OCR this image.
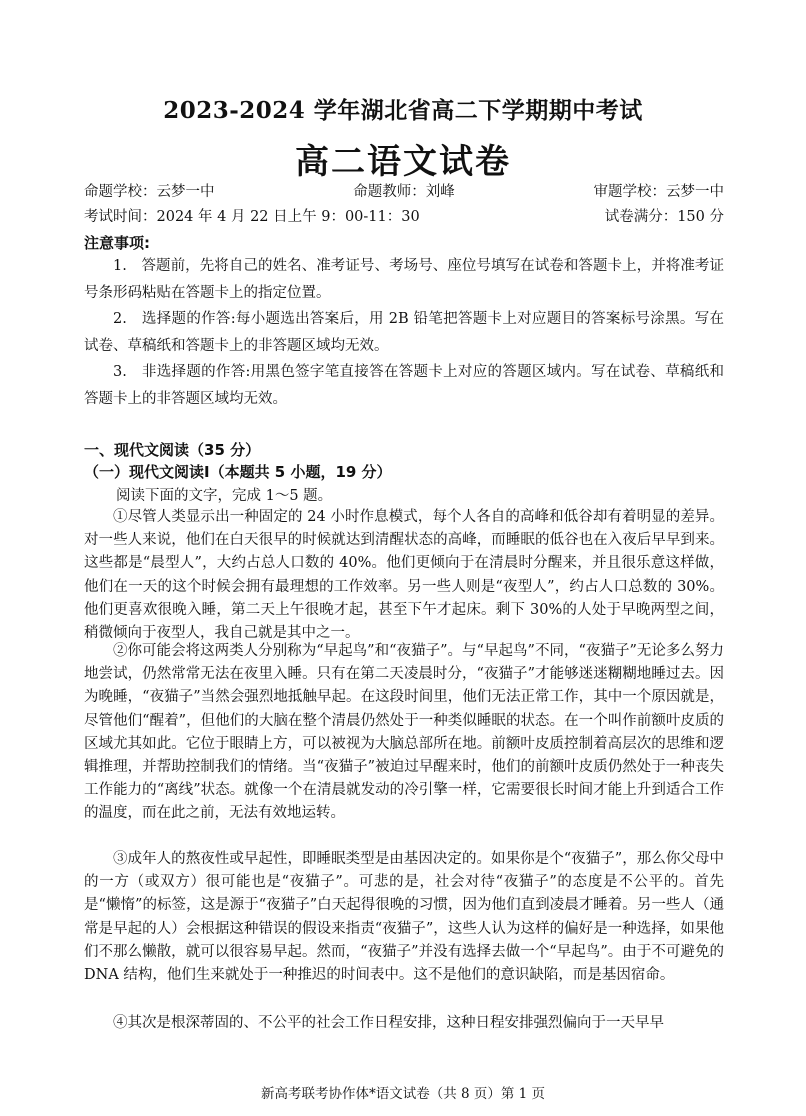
2023-2024 学年湖北省高二下学期期中考试
高二语文试卷
命题学校：云梦一中	命题教师：刘峰	审题学校：云梦一中
考试时间：2024 年 4 月 22 日上午 9：00-11：30	试卷满分：150 分
注意事项:

1.　答题前，先将自己的姓名、准考证号、考场号、座位号填写在试卷和答题卡上，并将准考证号条形码粘贴在答题卡上的指定位置。

2.　选择题的作答:每小题选出答案后，用 2B 铅笔把答题卡上对应题目的答案标号涂黑。写在试卷、草稿纸和答题卡上的非答题区域均无效。

3.　非选择题的作答:用黑色签字笔直接答在答题卡上对应的答题区域内。写在试卷、草稿纸和答题卡上的非答题区域均无效。

一、现代文阅读（35 分）
（一）现代文阅读Ⅰ（本题共 5 小题，19 分）
阅读下面的文字，完成 1～5 题。

①尽管人类显示出一种固定的 24 小时作息模式，每个人各自的高峰和低谷却有着明显的差异。对一些人来说，他们在白天很早的时候就达到清醒状态的高峰，而睡眠的低谷也在入夜后早早到来。这些都是“晨型人”，大约占总人口数的 40%。他们更倾向于在清晨时分醒来，并且很乐意这样做，他们在一天的这个时候会拥有最理想的工作效率。另一些人则是“夜型人”，约占人口总数的 30%。他们更喜欢很晚入睡，第二天上午很晚才起，甚至下午才起床。剩下 30%的人处于早晚两型之间，稍微倾向于夜型人，我自己就是其中之一。

②你可能会将这两类人分别称为“早起鸟”和“夜猫子”。与“早起鸟”不同，“夜猫子”无论多么努力地尝试，仍然常常无法在夜里入睡。只有在第二天凌晨时分，“夜猫子”才能够迷迷糊糊地睡过去。因为晚睡，“夜猫子”当然会强烈地抵触早起。在这段时间里，他们无法正常工作，其中一个原因就是，尽管他们“醒着”，但他们的大脑在整个清晨仍然处于一种类似睡眠的状态。在一个叫作前额叶皮质的区域尤其如此。它位于眼睛上方，可以被视为大脑总部所在地。前额叶皮质控制着高层次的思维和逻辑推理，并帮助控制我们的情绪。当“夜猫子”被迫过早醒来时，他们的前额叶皮质仍然处于一种丧失工作能力的“离线”状态。就像一个在清晨就发动的冷引擎一样，它需要很长时间才能上升到适合工作的温度，而在此之前，无法有效地运转。

③成年人的熬夜性或早起性，即睡眠类型是由基因决定的。如果你是个“夜猫子”，那么你父母中的一方（或双方）很可能也是“夜猫子”。可悲的是，社会对待“夜猫子”的态度是不公平的。首先是“懒惰”的标签，这是源于“夜猫子”白天起得很晚的习惯，因为他们直到凌晨才睡着。另一些人（通常是早起的人）会根据这种错误的假设来指责“夜猫子”，这些人认为这样的偏好是一种选择，如果他们不那么懒散，就可以很容易早起。然而，“夜猫子”并没有选择去做一个“早起鸟”。由于不可避免的 DNA 结构，他们生来就处于一种推迟的时间表中。这不是他们的意识缺陷，而是基因宿命。

④其次是根深蒂固的、不公平的社会工作日程安排，这种日程安排强烈偏向于一天早早

新高考联考协作体*语文试卷（共 8 页）第 1 页
